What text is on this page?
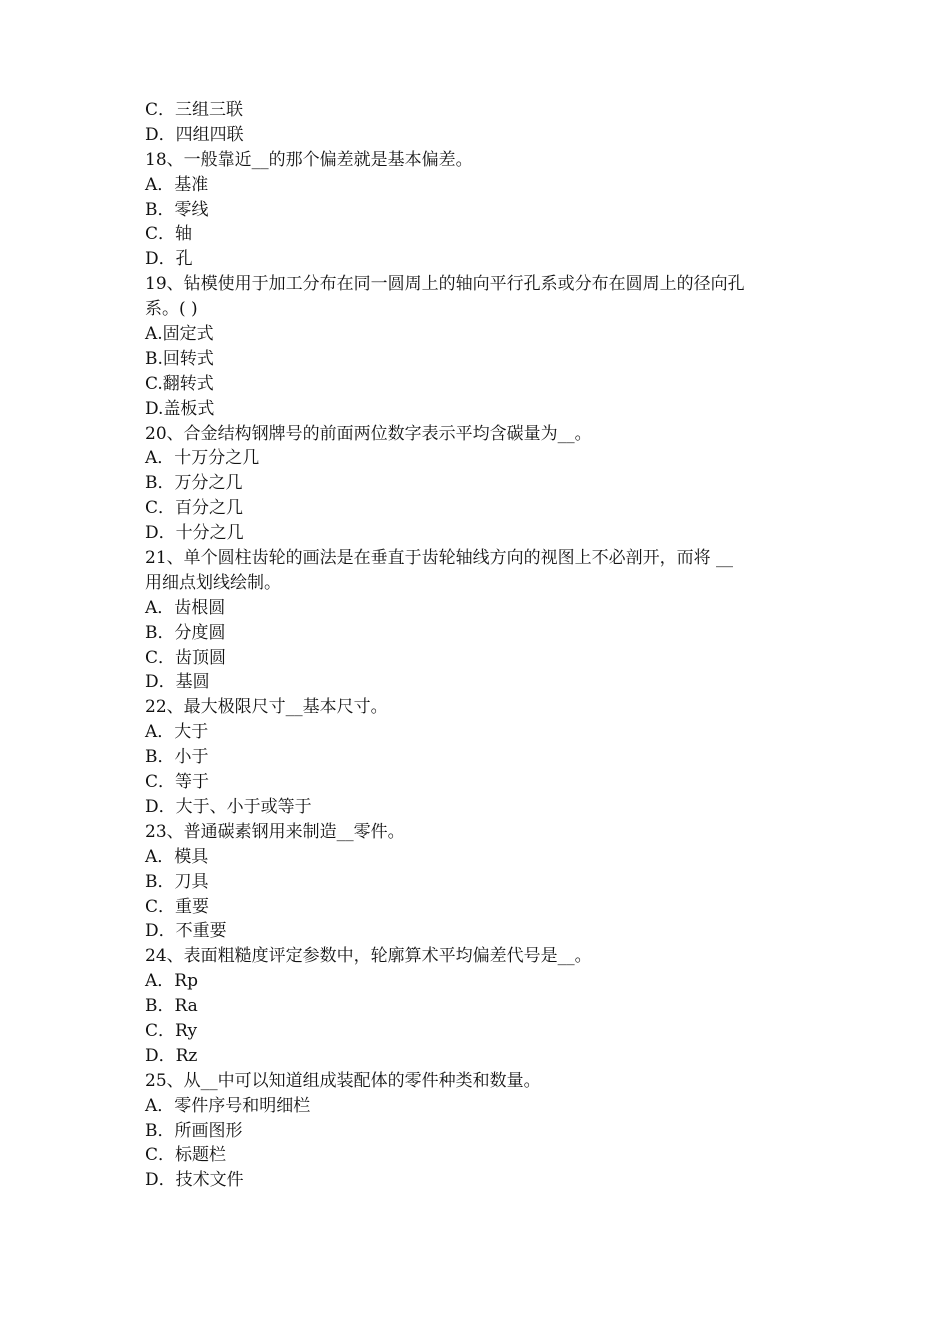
C．三组三联
D．四组四联
18、一般靠近__的那个偏差就是基本偏差。
A．基准
B．零线
C．轴
D．孔
19、钻模使用于加工分布在同一圆周上的轴向平行孔系或分布在圆周上的径向孔
系。( )
A.固定式
B.回转式
C.翻转式
D.盖板式
20、合金结构钢牌号的前面两位数字表示平均含碳量为__。
A．十万分之几
B．万分之几
C．百分之几
D．十分之几
21、单个圆柱齿轮的画法是在垂直于齿轮轴线方向的视图上不必剖开，而将 __
用细点划线绘制。
A．齿根圆
B．分度圆
C．齿顶圆
D．基圆
22、最大极限尺寸__基本尺寸。
A．大于
B．小于
C．等于
D．大于、小于或等于
23、普通碳素钢用来制造__零件。
A．模具
B．刀具
C．重要
D．不重要
24、表面粗糙度评定参数中，轮廓算术平均偏差代号是__。
A．Rp
B．Ra
C．Ry
D．Rz
25、从__中可以知道组成装配体的零件种类和数量。
A．零件序号和明细栏
B．所画图形
C．标题栏
D．技术文件
